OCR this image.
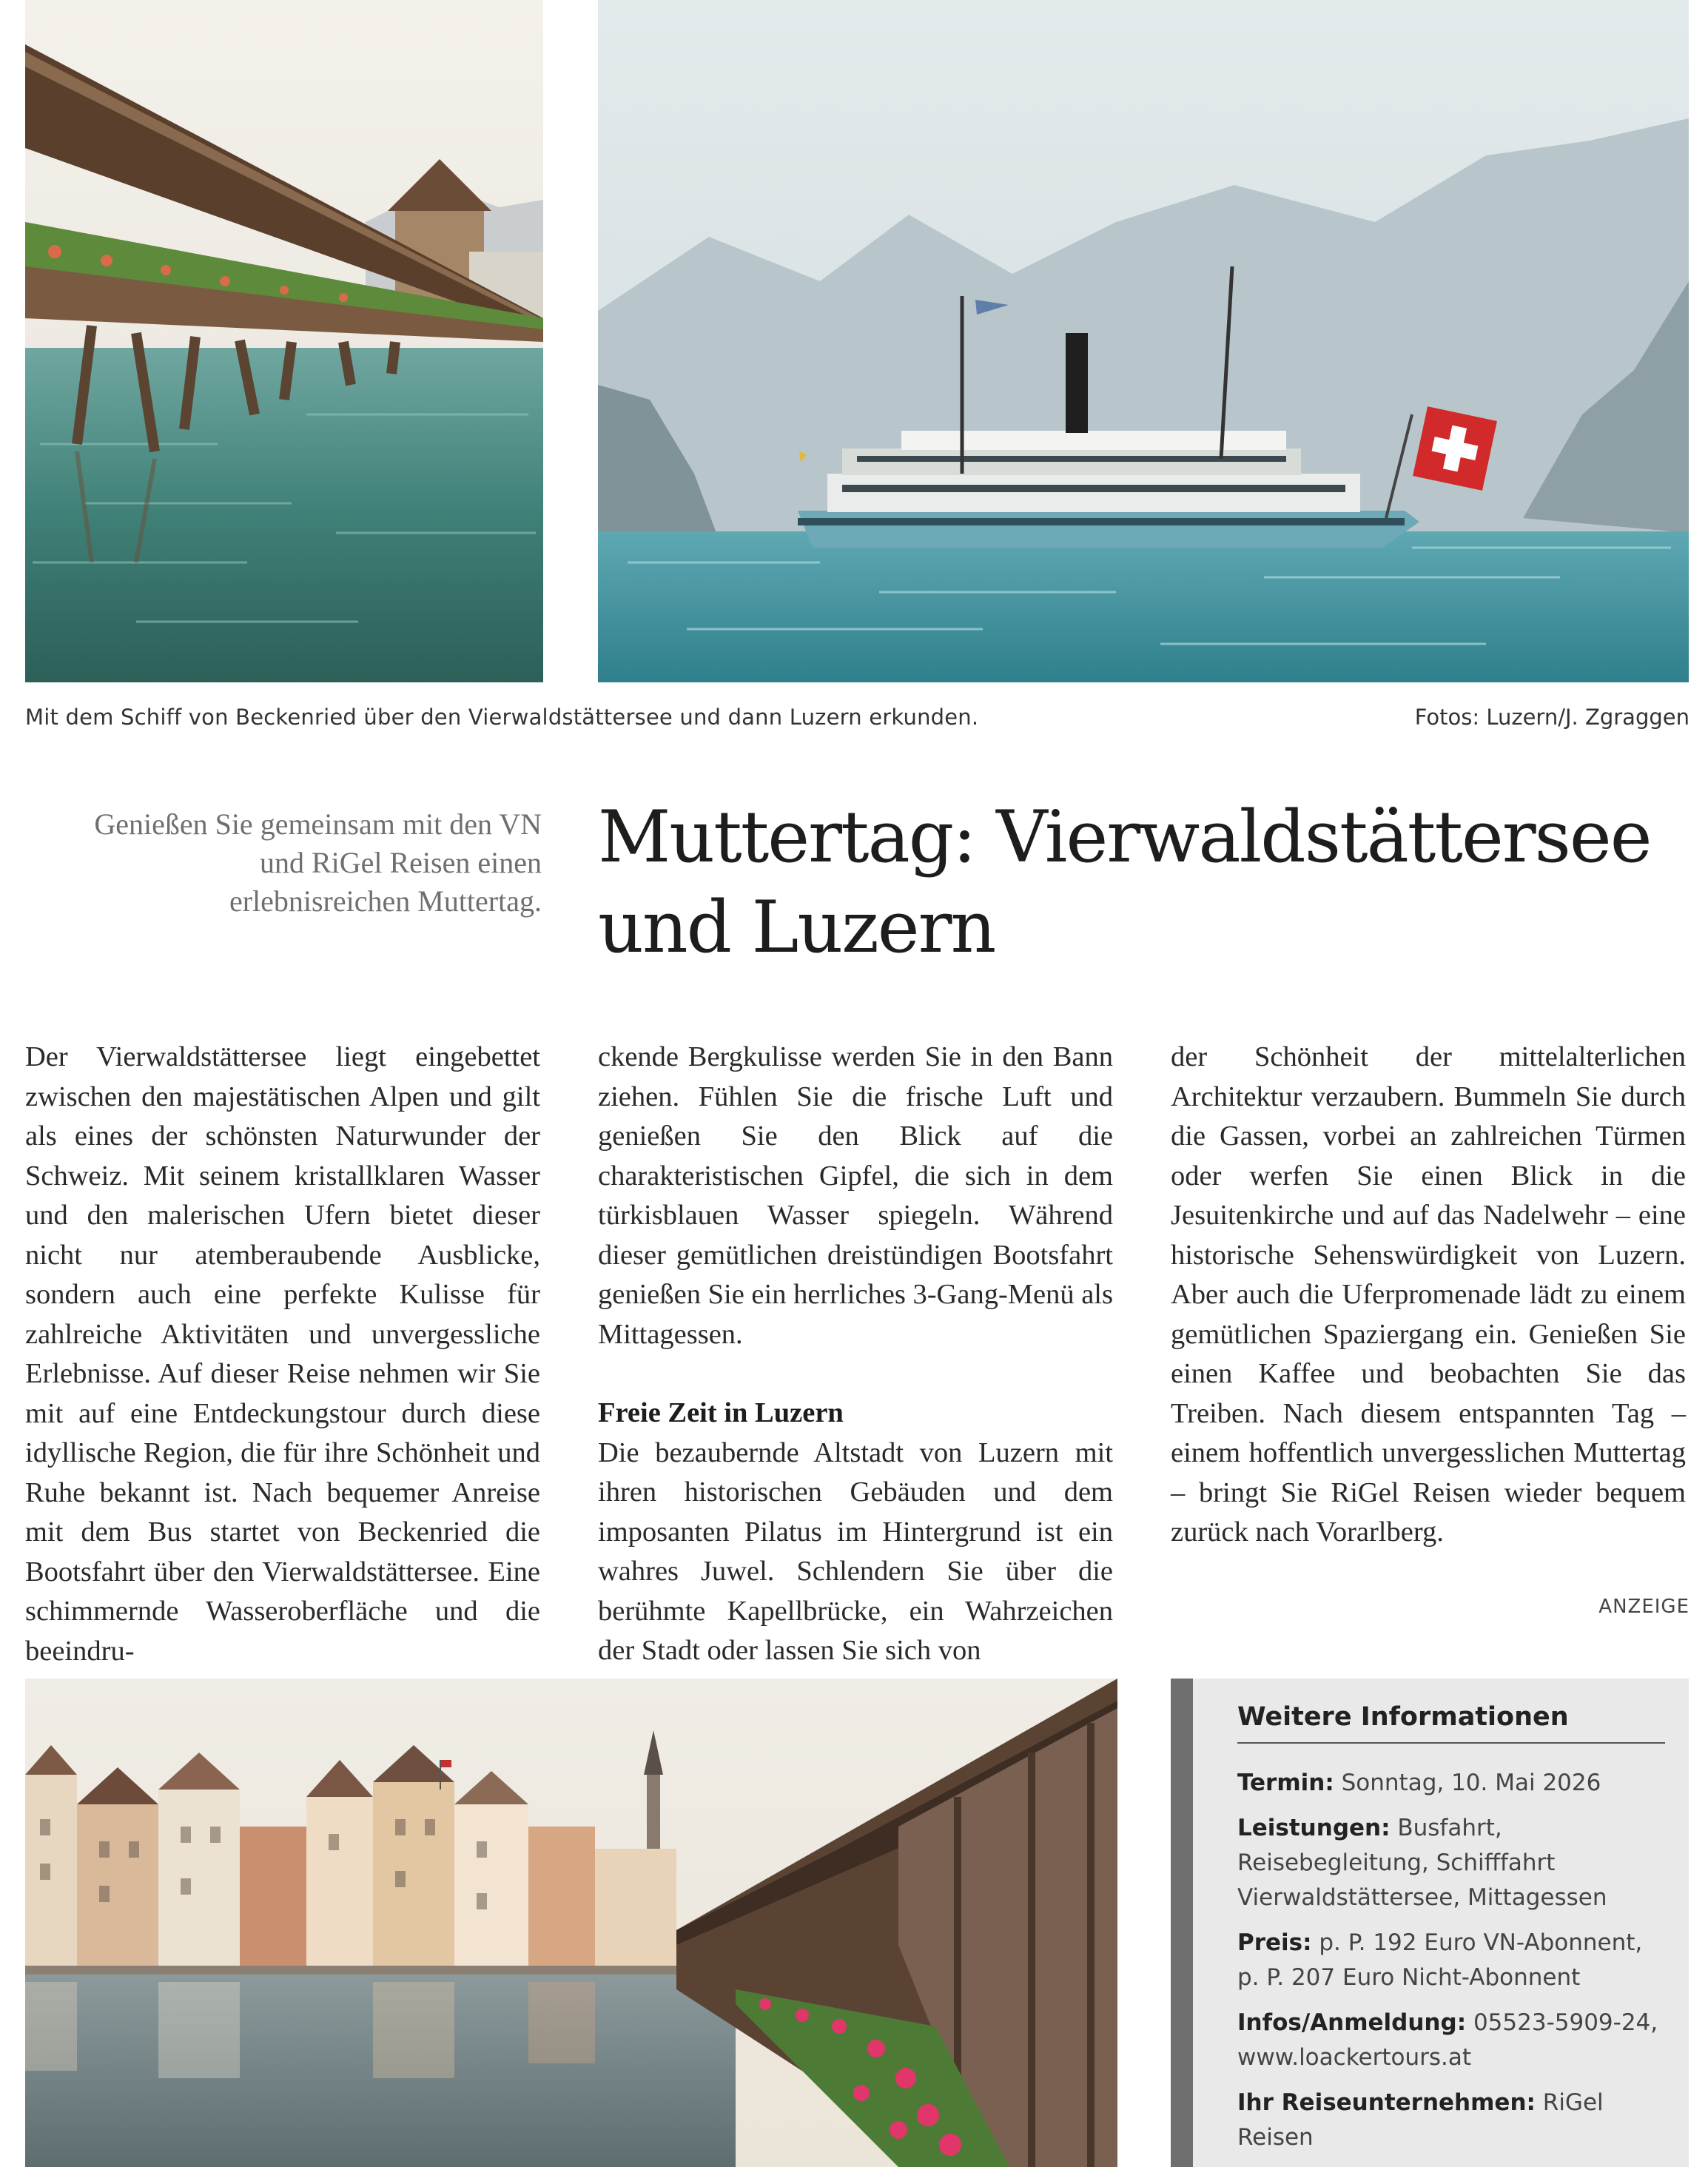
Mit dem Schiff von Beckenried über den Vierwaldstättersee und dann Luzern erkunden.	Fotos: Luzern/J. Zgraggen
Genießen Sie gemeinsam mit den VN und RiGel Reisen einen erlebnisreichen Muttertag.
Muttertag: Vierwaldstättersee
und Luzern

Der Vierwaldstättersee liegt eingebettet zwischen den majestätischen Alpen und gilt als eines der schönsten Naturwunder der Schweiz. Mit seinem kristallklaren Wasser und den malerischen Ufern bietet dieser nicht nur atemberaubende Ausblicke, sondern auch eine perfekte Kulisse für zahlreiche Aktivitäten und unvergessliche Erlebnisse. Auf dieser Reise nehmen wir Sie mit auf eine Entdeckungstour durch diese idyllische Region, die für ihre Schönheit und Ruhe bekannt ist. Nach bequemer Anreise mit dem Bus startet von Beckenried die Bootsfahrt über den Vierwaldstättersee. Eine schimmernde Wasseroberfläche und die beeindru-

ckende Bergkulisse werden Sie in den Bann ziehen. Fühlen Sie die frische Luft und genießen Sie den Blick auf die charakteristischen Gipfel, die sich in dem türkisblauen Wasser spiegeln. Während dieser gemütlichen dreistündigen Bootsfahrt genießen Sie ein herrliches 3-Gang-Menü als Mittagessen.

Freie Zeit in Luzern

Die bezaubernde Altstadt von Luzern mit ihren historischen Gebäuden und dem imposanten Pilatus im Hintergrund ist ein wahres Juwel. Schlendern Sie über die berühmte Kapellbrücke, ein Wahrzeichen der Stadt oder lassen Sie sich von

der Schönheit der mittelalterlichen Architektur verzaubern. Bummeln Sie durch die Gassen, vorbei an zahlreichen Türmen oder werfen Sie einen Blick in die Jesuitenkirche und auf das Nadelwehr – eine historische Sehenswürdigkeit von Luzern. Aber auch die Uferpromenade lädt zu einem gemütlichen Spaziergang ein. Genießen Sie einen Kaffee und beobachten Sie das Treiben. Nach diesem entspannten Tag – einem hoffentlich unvergesslichen Muttertag – bringt Sie RiGel Reisen wieder bequem zurück nach Vorarlberg.

ANZEIGE
Weitere Informationen
Termin: Sonntag, 10. Mai 2026
Leistungen: Busfahrt, Reisebegleitung, Schifffahrt Vierwaldstättersee, Mittagessen
Preis: p. P. 192 Euro VN-Abonnent,
p. P. 207 Euro Nicht-Abonnent
Infos/Anmeldung: 05523-5909-24,
www.loackertours.at
Ihr Reiseunternehmen: RiGel Reisen
